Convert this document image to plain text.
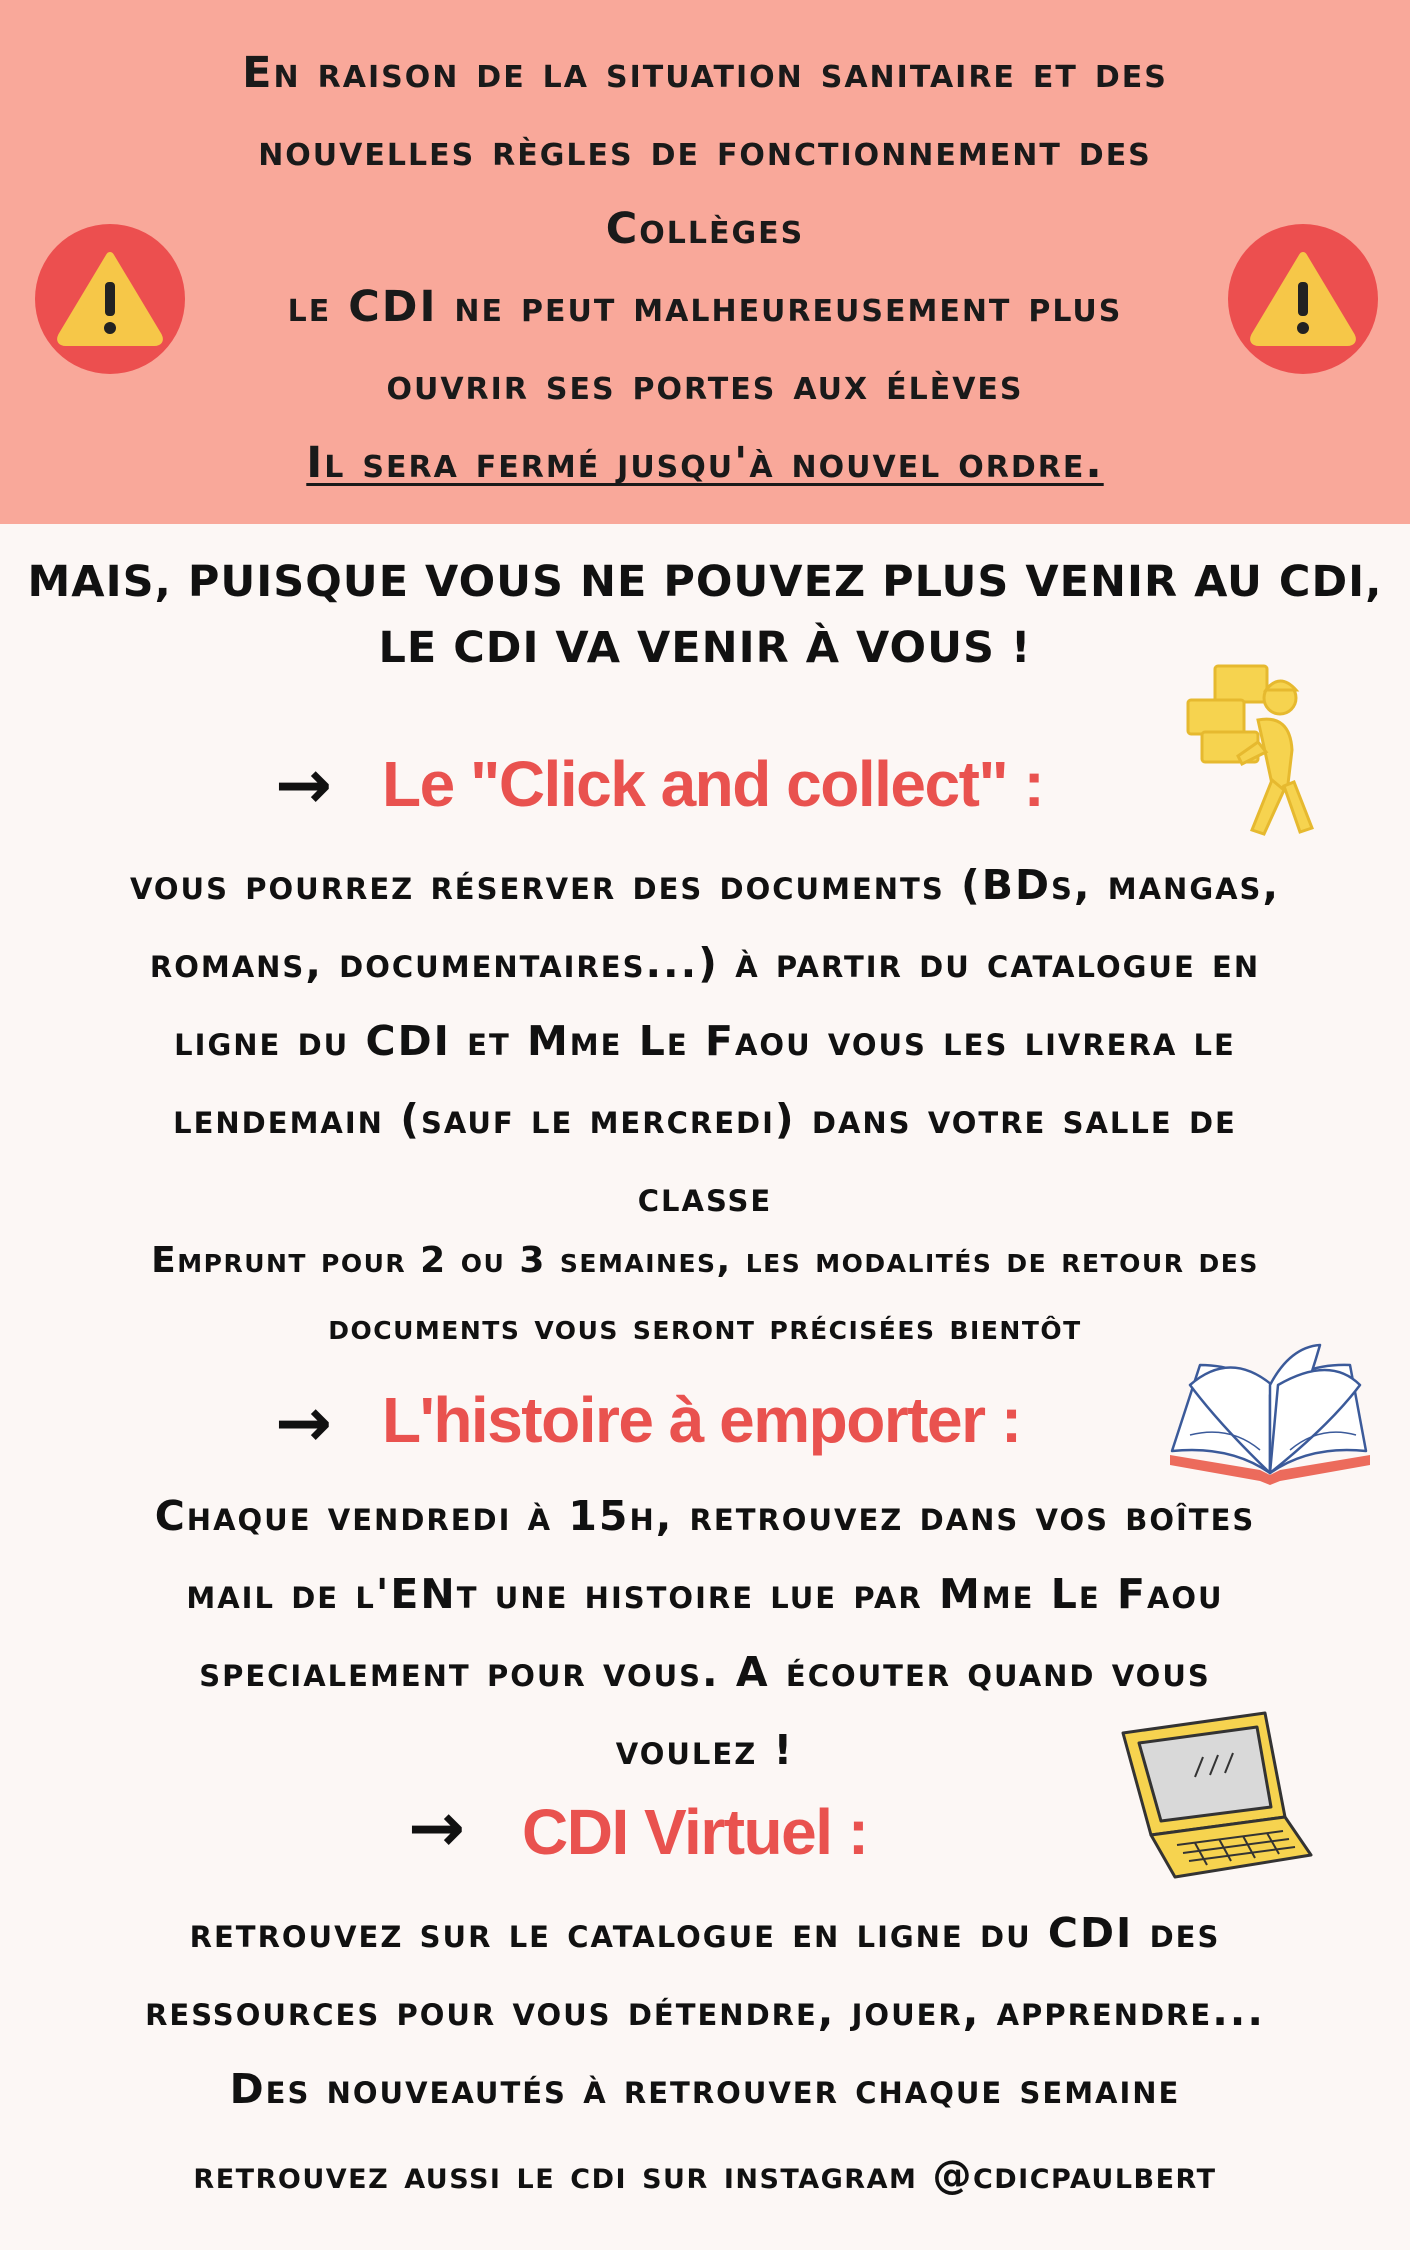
En raison de la situation sanitaire et des
nouvelles règles de fonctionnement des
Collèges
le CDI ne peut malheureusement plus
ouvrir ses portes aux élèves
Il sera fermé jusqu'à nouvel ordre.
MAIS, PUISQUE VOUS NE POUVEZ PLUS VENIR AU CDI,
LE CDI VA VENIR À VOUS !
→ Le "Click and collect" :
vous pourrez réserver des documents (BDs, mangas,
romans, documentaires...) à partir du catalogue en
ligne du CDI et Mme Le Faou vous les livrera le
lendemain (sauf le mercredi) dans votre salle de
classe
Emprunt pour 2 ou 3 semaines, les modalités de retour des
documents vous seront précisées bientôt
→ L'histoire à emporter :
Chaque vendredi à 15h, retrouvez dans vos boîtes
mail de l'ENt une histoire lue par Mme Le Faou
specialement pour vous. A écouter quand vous
voulez !
→ CDI Virtuel :
retrouvez sur le catalogue en ligne du CDI des
ressources pour vous détendre, jouer, apprendre...
Des nouveautés à retrouver chaque semaine
retrouvez aussi le cdi sur instagram @cdicpaulbert
